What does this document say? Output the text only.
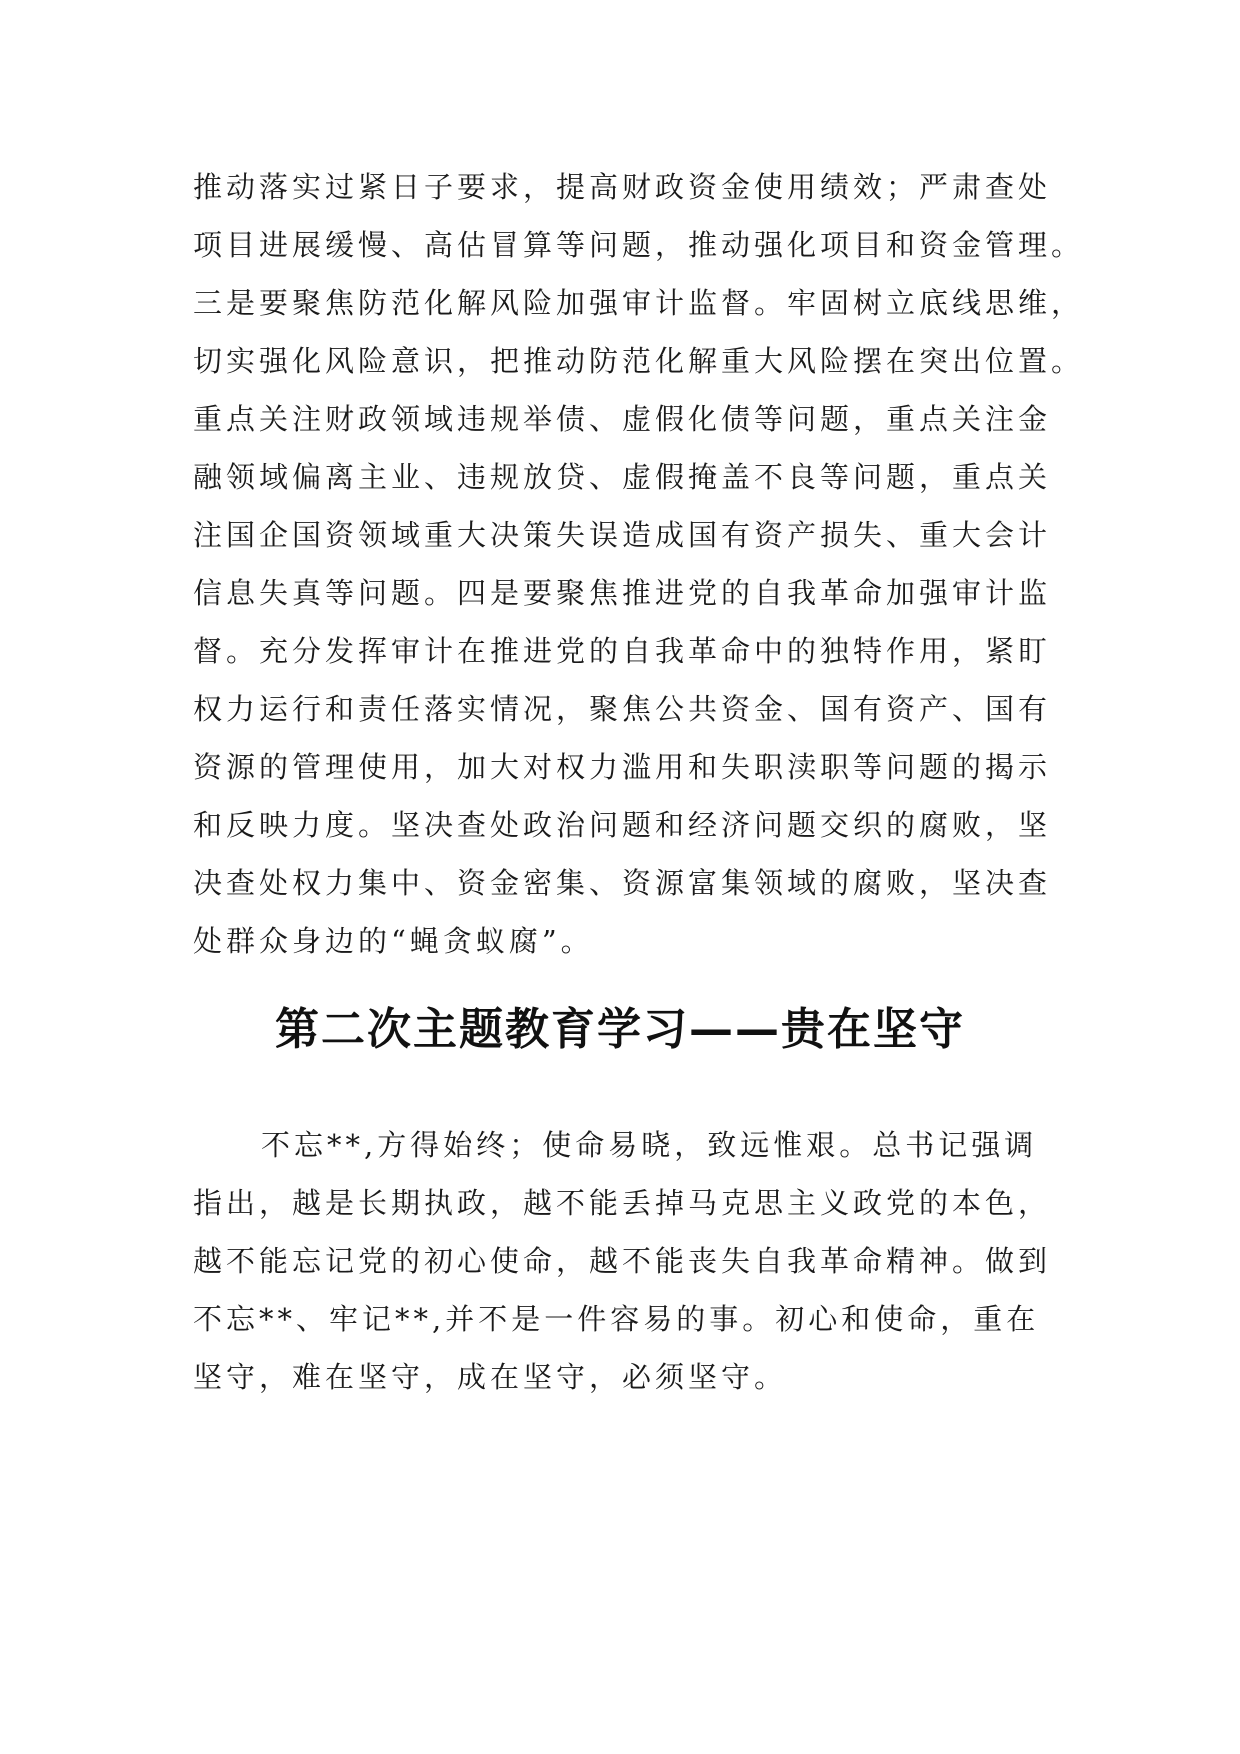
推动落实过紧日子要求，提高财政资金使用绩效；严肃查处
项目进展缓慢、高估冒算等问题，推动强化项目和资金管理。
三是要聚焦防范化解风险加强审计监督。牢固树立底线思维，
切实强化风险意识，把推动防范化解重大风险摆在突出位置。
重点关注财政领域违规举债、虚假化债等问题，重点关注金
融领域偏离主业、违规放贷、虚假掩盖不良等问题，重点关
注国企国资领域重大决策失误造成国有资产损失、重大会计
信息失真等问题。四是要聚焦推进党的自我革命加强审计监
督。充分发挥审计在推进党的自我革命中的独特作用，紧盯
权力运行和责任落实情况，聚焦公共资金、国有资产、国有
资源的管理使用，加大对权力滥用和失职渎职等问题的揭示
和反映力度。坚决查处政治问题和经济问题交织的腐败，坚
决查处权力集中、资金密集、资源富集领域的腐败，坚决查
处群众身边的“蝇贪蚁腐”。
第二次主题教育学习——贵在坚守
不忘**,方得始终；使命易晓，致远惟艰。总书记强调
指出，越是长期执政，越不能丢掉马克思主义政党的本色，
越不能忘记党的初心使命，越不能丧失自我革命精神。做到
不忘**、牢记**,并不是一件容易的事。初心和使命，重在
坚守，难在坚守，成在坚守，必须坚守。
